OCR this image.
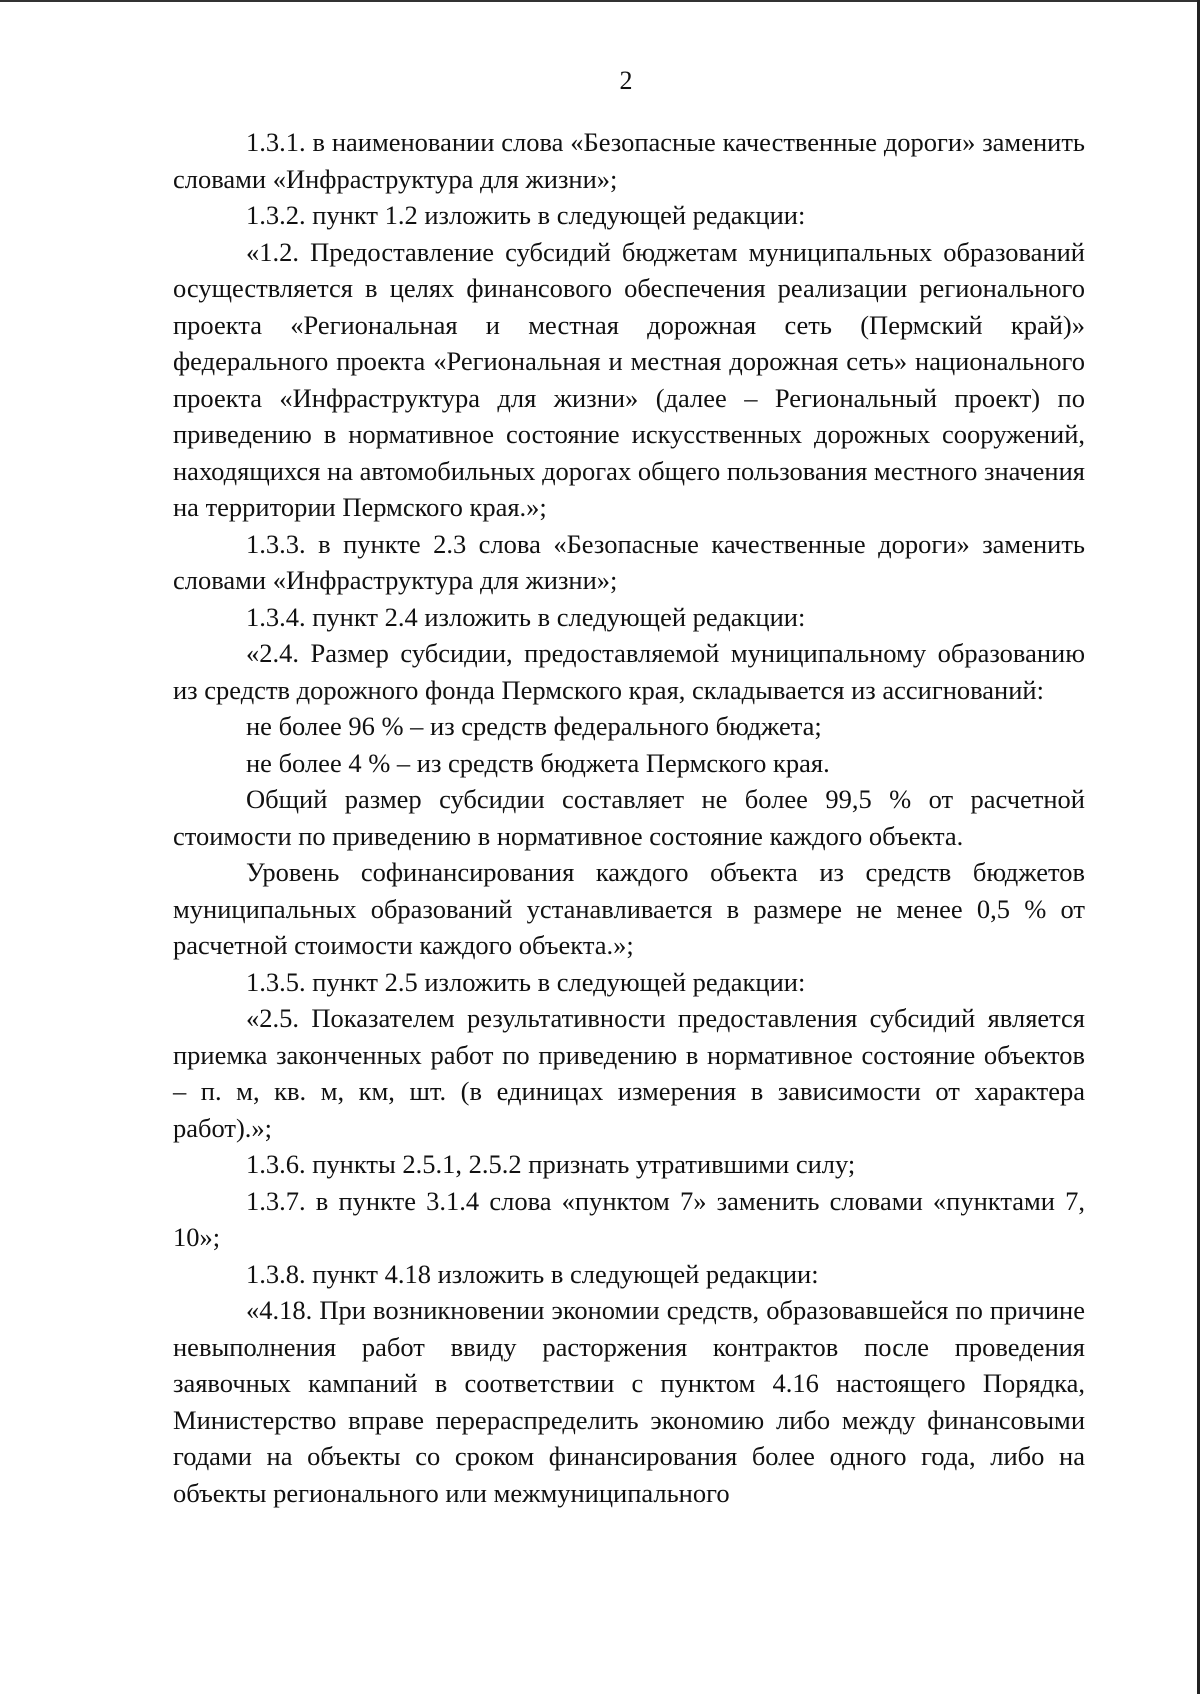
2

1.3.1. в наименовании слова «Безопасные качественные дороги» заменить словами «Инфраструктура для жизни»;

1.3.2. пункт 1.2 изложить в следующей редакции:

«1.2. Предоставление субсидий бюджетам муниципальных образований осуществляется в целях финансового обеспечения реализации регионального проекта «Региональная и местная дорожная сеть (Пермский край)» федерального проекта «Региональная и местная дорожная сеть» национального проекта «Инфраструктура для жизни» (далее – Региональный проект) по приведению в нормативное состояние искусственных дорожных сооружений, находящихся на автомобильных дорогах общего пользования местного значения на территории Пермского края.»;

1.3.3. в пункте 2.3 слова «Безопасные качественные дороги» заменить словами «Инфраструктура для жизни»;

1.3.4. пункт 2.4 изложить в следующей редакции:

«2.4. Размер субсидии, предоставляемой муниципальному образованию из средств дорожного фонда Пермского края, складывается из ассигнований:

не более 96 % – из средств федерального бюджета;

не более 4 % – из средств бюджета Пермского края.

Общий размер субсидии составляет не более 99,5 % от расчетной стоимости по приведению в нормативное состояние каждого объекта.

Уровень софинансирования каждого объекта из средств бюджетов муниципальных образований устанавливается в размере не менее 0,5 % от расчетной стоимости каждого объекта.»;

1.3.5. пункт 2.5 изложить в следующей редакции:

«2.5. Показателем результативности предоставления субсидий является приемка законченных работ по приведению в нормативное состояние объектов – п. м, кв. м, км, шт. (в единицах измерения в зависимости от характера работ).»;

1.3.6. пункты 2.5.1, 2.5.2 признать утратившими силу;

1.3.7. в пункте 3.1.4 слова «пунктом 7» заменить словами «пунктами 7, 10»;

1.3.8. пункт 4.18 изложить в следующей редакции:

«4.18. При возникновении экономии средств, образовавшейся по причине невыполнения работ ввиду расторжения контрактов после проведения заявочных кампаний в соответствии с пунктом 4.16 настоящего Порядка, Министерство вправе перераспределить экономию либо между финансовыми годами на объекты со сроком финансирования более одного года, либо на объекты регионального или межмуниципального
